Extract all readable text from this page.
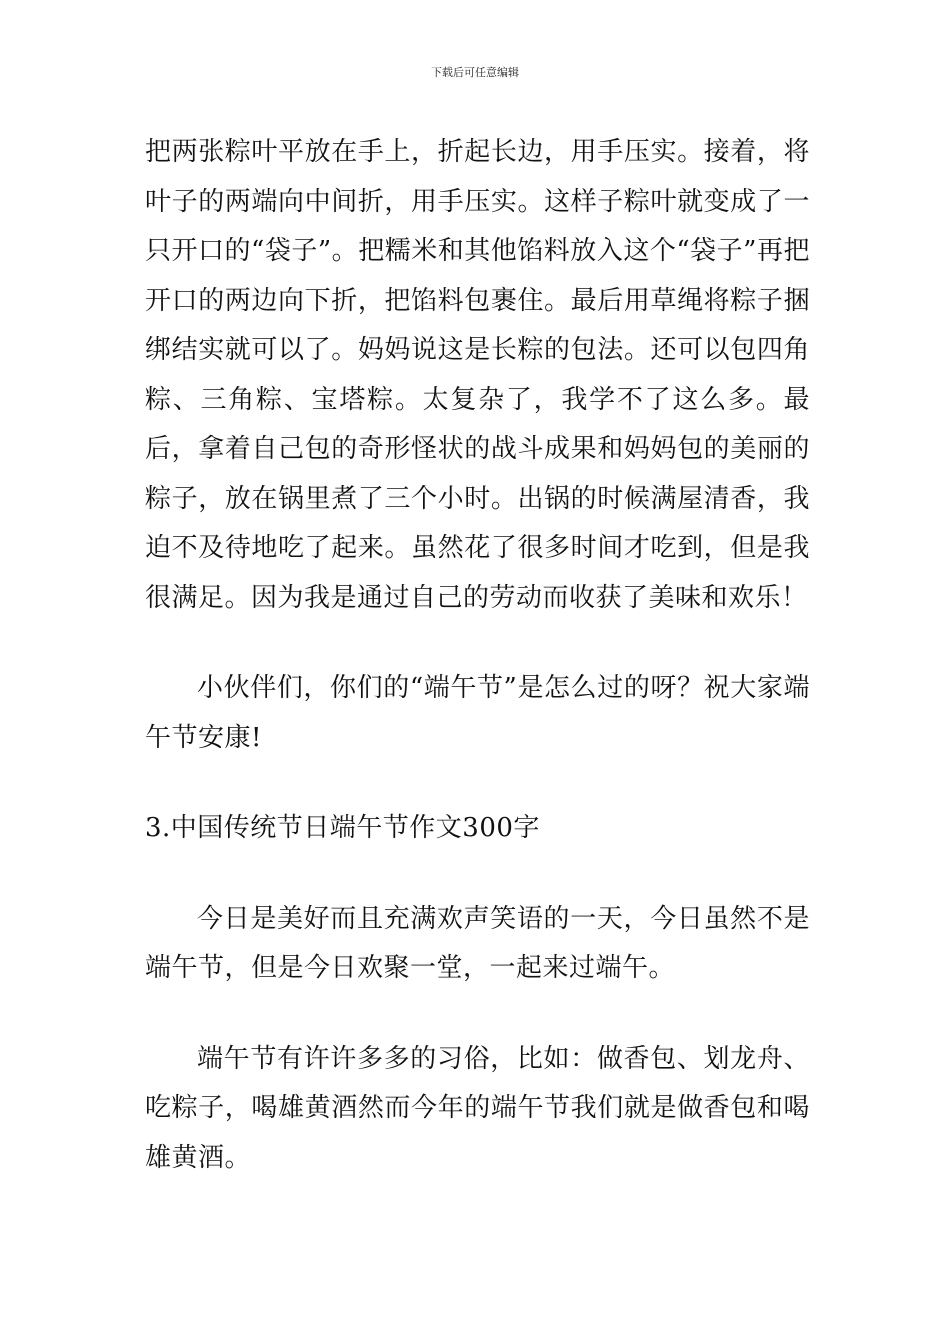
下载后可任意编辑

把两张粽叶平放在手上，折起长边，用手压实。接着，将叶子的两端向中间折，用手压实。这样子粽叶就变成了一只开口的“袋子”。把糯米和其他馅料放入这个“袋子”再把开口的两边向下折，把馅料包裹住。最后用草绳将粽子捆 绑结实就可以了。妈妈说这是长粽的包法。还可以包四角粽、三角粽、宝塔粽。太复杂了，我学不了这么多。最后，拿着自己包的奇形怪状的战斗成果和妈妈包的美丽的粽子，放在锅里煮了三个小时。出锅的时候满屋清香，我迫不及待地吃了起来。虽然花了很多时间才吃到，但是我很满足。因为我是通过自己的劳动而收获了美味和欢乐！

小伙伴们，你们的“端午节”是怎么过的呀？祝大家端午节安康!

3.中国传统节日端午节作文300字

今日是美好而且充满欢声笑语的一天，今日虽然不是端午节，但是今日欢聚一堂，一起来过端午。

端午节有许许多多的习俗，比如：做香包、划龙舟、吃粽子，喝雄黄酒然而今年的端午节我们就是做香包和喝雄黄酒。
